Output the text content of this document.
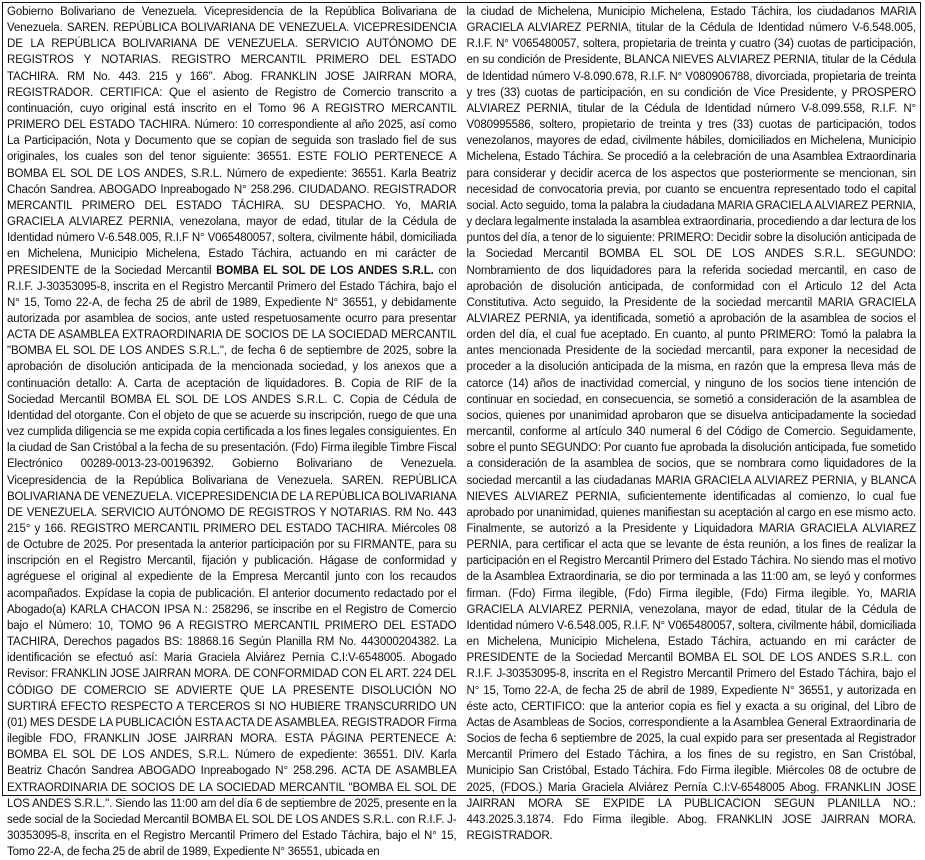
Gobierno Bolivariano de Venezuela. Vicepresidencia de la República Bolivariana de Venezuela. SAREN. REPÚBLICA BOLIVARIANA DE VENEZUELA. VICEPRESIDENCIA DE LA REPÚBLICA BOLIVARIANA DE VENEZUELA. SERVICIO AUTÓNOMO DE REGISTROS Y NOTARIAS. REGISTRO MERCANTIL PRIMERO DEL ESTADO TACHIRA. RM No. 443. 215 y 166". Abog. FRANKLIN JOSE JAIRRAN MORA, REGISTRADOR. CERTIFICA: Que el asiento de Registro de Comercio transcrito a continuación, cuyo original está inscrito en el Tomo 96 A REGISTRO MERCANTIL PRIMERO DEL ESTADO TACHIRA. Número: 10 correspondiente al año 2025, así como La Participación, Nota y Documento que se copian de seguida son traslado fiel de sus originales, los cuales son del tenor siguiente: 36551. ESTE FOLIO PERTENECE A BOMBA EL SOL DE LOS ANDES, S.R.L. Número de expediente: 36551. Karla Beatriz Chacón Sandrea. ABOGADO Inpreabogado N° 258.296. CIUDADANO. REGISTRADOR MERCANTIL PRIMERO DEL ESTADO TÁCHIRA. SU DESPACHO. Yo, MARIA GRACIELA ALVIAREZ PERNIA, venezolana, mayor de edad, titular de la Cédula de Identidad número V-6.548.005, R.I.F N° V065480057, soltera, civilmente hábil, domiciliada en Michelena, Municipio Michelena, Estado Táchira, actuando en mi carácter de PRESIDENTE de la Sociedad Mercantil BOMBA EL SOL DE LOS ANDES S.R.L. con R.I.F. J-30353095-8, inscrita en el Registro Mercantil Primero del Estado Táchira, bajo el N° 15, Tomo 22-A, de fecha 25 de abril de 1989, Expediente N° 36551, y debidamente autorizada por asamblea de socios, ante usted respetuosamente ocurro para presentar ACTA DE ASAMBLEA EXTRAORDINARIA DE SOCIOS DE LA SOCIEDAD MERCANTIL "BOMBA EL SOL DE LOS ANDES S.R.L.", de fecha 6 de septiembre de 2025, sobre la aprobación de disolución anticipada de la mencionada sociedad, y los anexos que a continuación detallo: A. Carta de aceptación de liquidadores. B. Copia de RIF de la Sociedad Mercantil BOMBA EL SOL DE LOS ANDES S.R.L. C. Copia de Cédula de Identidad del otorgante. Con el objeto de que se acuerde su inscripción, ruego de que una vez cumplida diligencia se me expida copia certificada a los fines legales consiguientes. En la ciudad de San Cristóbal a la fecha de su presentación. (Fdo) Firma ilegible Timbre Fiscal Electrónico 00289-0013-23-00196392. Gobierno Bolivariano de Venezuela. Vicepresidencia de la República Bolivariana de Venezuela. SAREN. REPÚBLICA BOLIVARIANA DE VENEZUELA. VICEPRESIDENCIA DE LA REPÚBLICA BOLIVARIANA DE VENEZUELA. SERVICIO AUTÓNOMO DE REGISTROS Y NOTARIAS. RM No. 443 215° y 166. REGISTRO MERCANTIL PRIMERO DEL ESTADO TACHIRA. Miércoles 08 de Octubre de 2025. Por presentada la anterior participación por su FIRMANTE, para su inscripción en el Registro Mercantil, fijación y publicación. Hágase de conformidad y agréguese el original al expediente de la Empresa Mercantil junto con los recaudos acompañados. Expídase la copia de publicación. El anterior documento redactado por el Abogado(a) KARLA CHACON IPSA N.: 258296, se inscribe en el Registro de Comercio bajo el Número: 10, TOMO 96 A REGISTRO MERCANTIL PRIMERO DEL ESTADO TACHIRA, Derechos pagados BS: 18868.16 Según Planilla RM No. 443000204382. La identificación se efectuó así: Maria Graciela Alviárez Pernia C.I:V-6548005. Abogado Revisor: FRANKLIN JOSE JAIRRAN MORA. DE CONFORMIDAD CON EL ART. 224 DEL CÓDIGO DE COMERCIO SE ADVIERTE QUE LA PRESENTE DISOLUCIÓN NO SURTIRÁ EFECTO RESPECTO A TERCEROS SI NO HUBIERE TRANSCURRIDO UN (01) MES DESDE LA PUBLICACIÓN ESTA ACTA DE ASAMBLEA. REGISTRADOR Firma ilegible FDO, FRANKLIN JOSE JAIRRAN MORA. ESTA PÁGINA PERTENECE A: BOMBA EL SOL DE LOS ANDES, S.R.L. Número de expediente: 36551. DIV. Karla Beatriz Chacón Sandrea ABOGADO Inpreabogado N° 258.296. ACTA DE ASAMBLEA EXTRAORDINARIA DE SOCIOS DE LA SOCIEDAD MERCANTIL "BOMBA EL SOL DE LOS ANDES S.R.L.". Siendo las 11:00 am del día 6 de septiembre de 2025, presente en la sede social de la Sociedad Mercantil BOMBA EL SOL DE LOS ANDES S.R.L. con R.I.F. J-30353095-8, inscrita en el Registro Mercantil Primero del Estado Táchira, bajo el N° 15, Tomo 22-A, de fecha 25 de abril de 1989, Expediente N° 36551, ubicada en

la ciudad de Michelena, Municipio Michelena, Estado Táchira, los ciudadanos MARIA GRACIELA ALVIAREZ PERNIA, titular de la Cédula de Identidad número V-6.548.005, R.I.F. N° V065480057, soltera, propietaria de treinta y cuatro (34) cuotas de participación, en su condición de Presidente, BLANCA NIEVES ALVIAREZ PERNIA, titular de la Cédula de Identidad número V-8.090.678, R.I.F. N° V080906788, divorciada, propietaria de treinta y tres (33) cuotas de participación, en su condición de Vice Presidente, y PROSPERO ALVIAREZ PERNIA, titular de la Cédula de Identidad número V-8.099.558, R.I.F. N° V080995586, soltero, propietario de treinta y tres (33) cuotas de participación, todos venezolanos, mayores de edad, civilmente hábiles, domiciliados en Michelena, Municipio Michelena, Estado Táchira. Se procedió a la celebración de una Asamblea Extraordinaria para considerar y decidir acerca de los aspectos que posteriormente se mencionan, sin necesidad de convocatoria previa, por cuanto se encuentra representado todo el capital social. Acto seguido, toma la palabra la ciudadana MARIA GRACIELA ALVIAREZ PERNIA, y declara legalmente instalada la asamblea extraordinaria, procediendo a dar lectura de los puntos del día, a tenor de lo siguiente: PRIMERO: Decidir sobre la disolución anticipada de la Sociedad Mercantil BOMBA EL SOL DE LOS ANDES S.R.L. SEGUNDO: Nombramiento de dos liquidadores para la referida sociedad mercantil, en caso de aprobación de disolución anticipada, de conformidad con el Articulo 12 del Acta Constitutiva. Acto seguido, la Presidente de la sociedad mercantil MARIA GRACIELA ALVIAREZ PERNIA, ya identificada, sometió a aprobación de la asamblea de socios el orden del día, el cual fue aceptado. En cuanto, al punto PRIMERO: Tomó la palabra la antes mencionada Presidente de la sociedad mercantil, para exponer la necesidad de proceder a la disolución anticipada de la misma, en razón que la empresa lleva más de catorce (14) años de inactividad comercial, y ninguno de los socios tiene intención de continuar en sociedad, en consecuencia, se sometió a consideración de la asamblea de socios, quienes por unanimidad aprobaron que se disuelva anticipadamente la sociedad mercantil, conforme al artículo 340 numeral 6 del Código de Comercio. Seguidamente, sobre el punto SEGUNDO: Por cuanto fue aprobada la disolución anticipada, fue sometido a consideración de la asamblea de socios, que se nombrara como liquidadores de la sociedad mercantil a las ciudadanas MARIA GRACIELA ALVIAREZ PERNIA, y BLANCA NIEVES ALVIAREZ PERNIA, suficientemente identificadas al comienzo, lo cual fue aprobado por unanimidad, quienes manifiestan su aceptación al cargo en ese mismo acto. Finalmente, se autorizó a la Presidente y Liquidadora MARIA GRACIELA ALVIAREZ PERNIA, para certificar el acta que se levante de ésta reunión, a los fines de realizar la participación en el Registro Mercantil Primero del Estado Táchira. No siendo mas el motivo de la Asamblea Extraordinaria, se dio por terminada a las 11:00 am, se leyó y conformes firman. (Fdo) Firma ilegible, (Fdo) Firma ilegible, (Fdo) Firma ilegible. Yo, MARIA GRACIELA ALVIAREZ PERNIA, venezolana, mayor de edad, titular de la Cédula de Identidad número V-6.548.005, R.I.F. N° V065480057, soltera, civilmente hábil, domiciliada en Michelena, Municipio Michelena, Estado Táchira, actuando en mi carácter de PRESIDENTE de la Sociedad Mercantil BOMBA EL SOL DE LOS ANDES S.R.L. con R.I.F. J-30353095-8, inscrita en el Registro Mercantil Primero del Estado Táchira, bajo el N° 15, Tomo 22-A, de fecha 25 de abril de 1989, Expediente N° 36551, y autorizada en éste acto, CERTIFICO: que la anterior copia es fiel y exacta a su original, del Libro de Actas de Asambleas de Socios, correspondiente a la Asamblea General Extraordinaria de Socios de fecha 6 septiembre de 2025, la cual expido para ser presentada al Registrador Mercantil Primero del Estado Táchira, a los fines de su registro, en San Cristóbal, Municipio San Cristóbal, Estado Táchira. Fdo Firma ilegible. Miércoles 08 de octubre de 2025, (FDOS.) Maria Graciela Alviárez Pernía C.I:V-6548005 Abog. FRANKLIN JOSE JAIRRAN MORA SE EXPIDE LA PUBLICACION SEGUN PLANILLA NO.: 443.2025.3.1874. Fdo Firma ilegible. Abog. FRANKLIN JOSE JAIRRAN MORA. REGISTRADOR.
